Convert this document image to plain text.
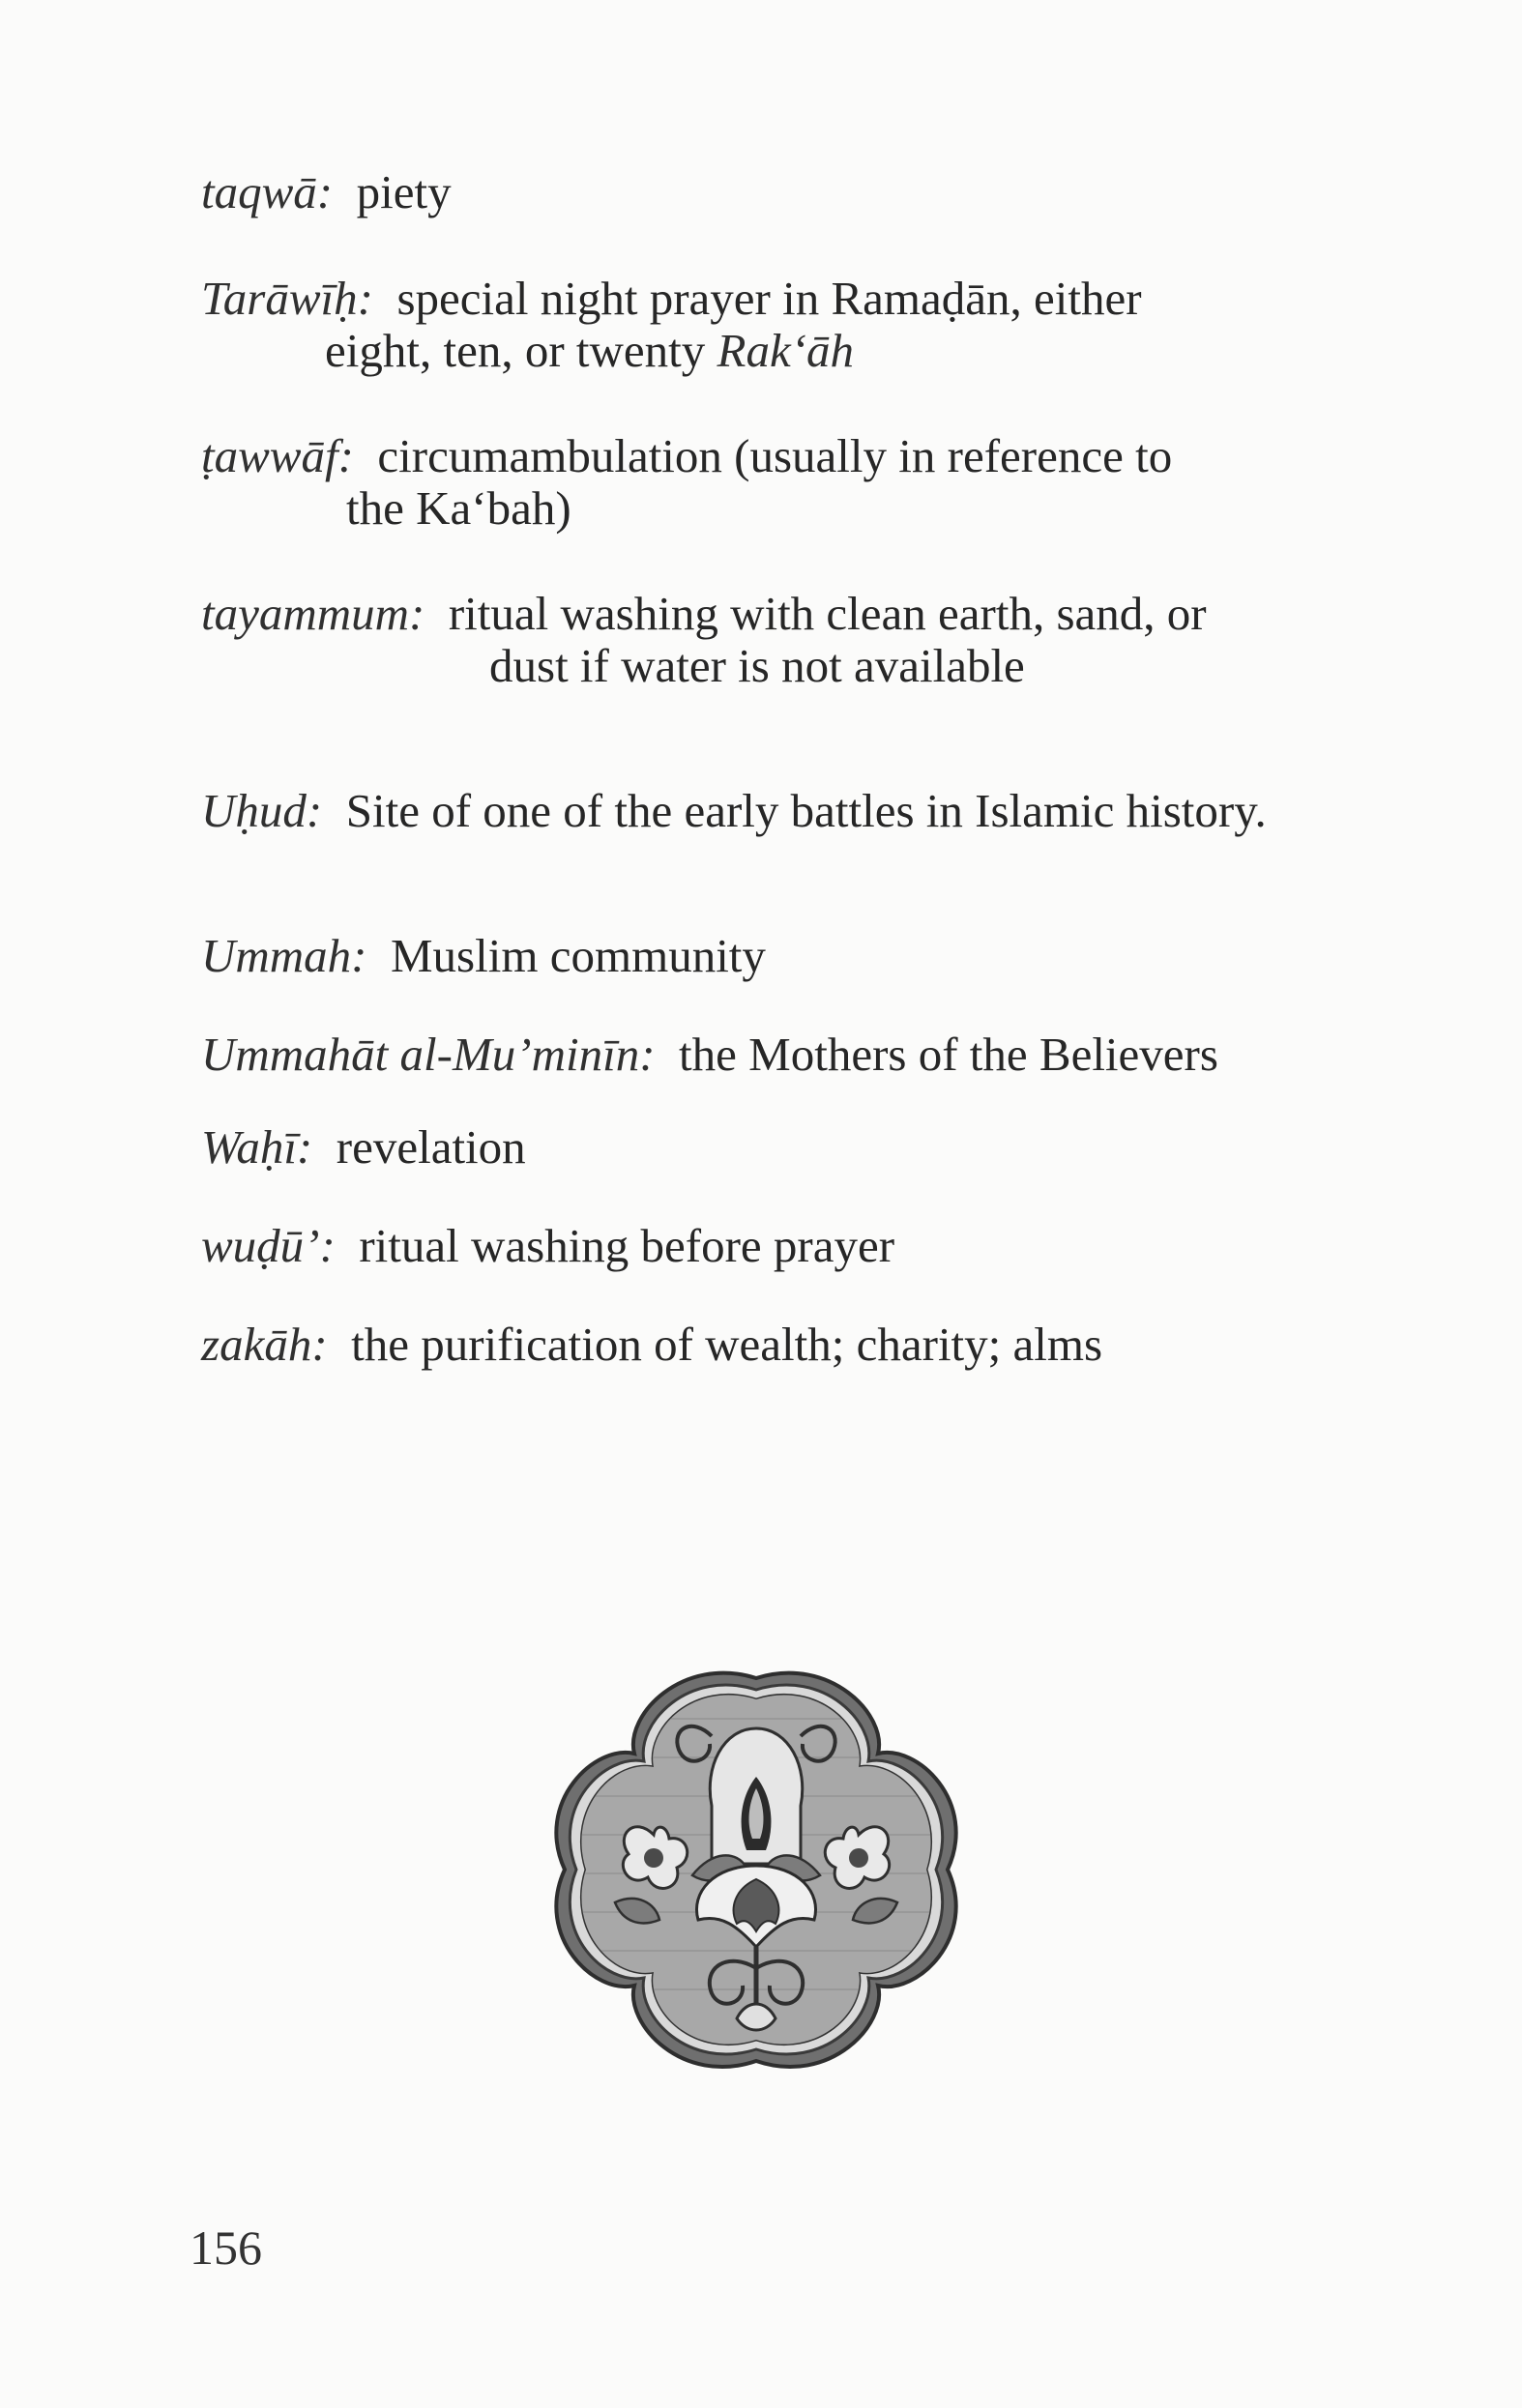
taqwā: piety
Tarāwīḥ: special night prayer in Ramaḍān, either
eight, ten, or twenty Rak‘āh
ṭawwāf: circumambulation (usually in reference to
the Ka‘bah)
tayammum: ritual washing with clean earth, sand, or
dust if water is not available
Uḥud: Site of one of the early battles in Islamic history.
Ummah: Muslim community
Ummahāt al-Mu’minīn: the Mothers of the Believers
Waḥī: revelation
wuḍū’: ritual washing before prayer
zakāh: the purification of wealth; charity; alms
156
